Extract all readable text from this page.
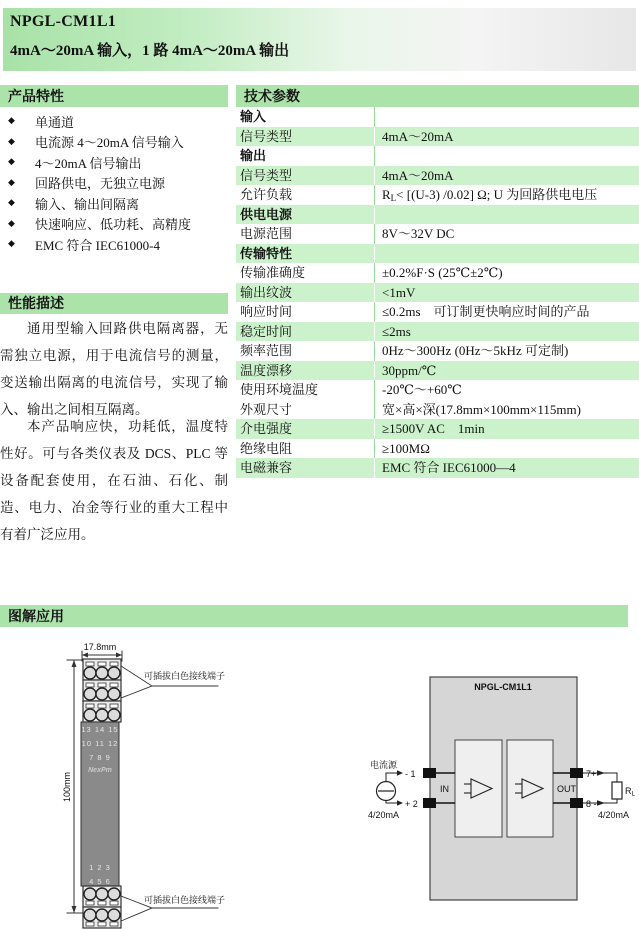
NPGL-CM1L1
4mA～20mA 输入，1 路 4mA～20mA 输出
产品特性	技术参数
性能描述
图解应用
◆	单通道
◆	电流源 4～20mA 信号输入
◆	4～20mA 信号输出
◆	回路供电，无独立电源
◆	输入、输出间隔离
◆	快速响应、低功耗、高精度
◆	EMC 符合 IEC61000-4

通用型输入回路供电隔离器，无需独立电源，用于电流信号的测量，变送输出隔离的电流信号，实现了输入、输出之间相互隔离。

本产品响应快，功耗低，温度特性好。可与各类仪表及 DCS、PLC 等设备配套使用，在石油、石化、制造、电力、冶金等行业的重大工程中有着广泛应用。

输入
信号类型	4mA～20mA
输出
信号类型	4mA～20mA
允许负载	RL< [(U-3) /0.02] Ω; U 为回路供电电压
供电电源
电源范围	8V～32V DC
传输特性
传输准确度	±0.2%F·S (25℃±2℃)
输出纹波	<1mV
响应时间	≤0.2ms　可订制更快响应时间的产品
稳定时间	≤2ms
频率范围	0Hz～300Hz (0Hz～5kHz 可定制)
温度漂移	30ppm/℃
使用环境温度	-20℃～+60℃
外观尺寸	宽×高×深(17.8mm×100mm×115mm)
介电强度	≥1500V AC　1min
绝缘电阻	≥100MΩ
电磁兼容	EMC 符合 IEC61000—4
17.8mm
100mm
13 14 15
10 11 12
7 8 9
NexPm
1 2 3
4 5 6
可插拔白色接线端子
可插拔白色接线端子
NPGL-CM1L1
IN	OUT
- 1
+ 2
7+
8 -
电流源
4/20mA
RL
4/20mA
